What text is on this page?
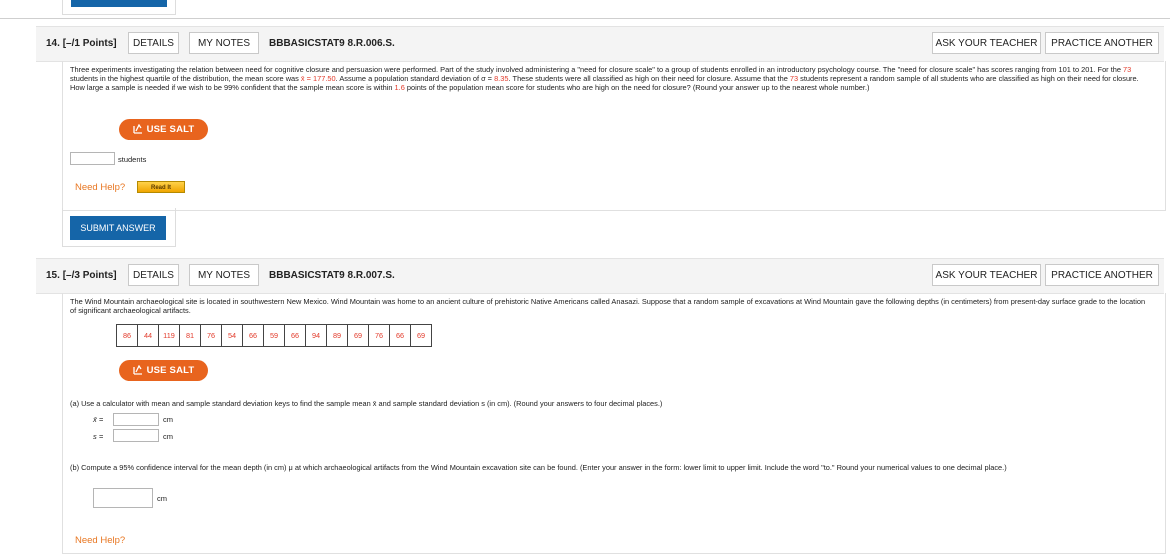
14. [–/1 Points]	DETAILS	MY NOTES	BBBASICSTAT9 8.R.006.S.	ASK YOUR TEACHER	PRACTICE ANOTHER
Three experiments investigating the relation between need for cognitive closure and persuasion were performed. Part of the study involved administering a "need for closure scale" to a group of students enrolled in an introductory psychology course. The "need for closure scale" has scores ranging from 101 to 201. For the 73 students in the highest quartile of the distribution, the mean score was x̄ = 177.50. Assume a population standard deviation of σ = 8.35. These students were all classified as high on their need for closure. Assume that the 73 students represent a random sample of all students who are classified as high on their need for closure. How large a sample is needed if we wish to be 99% confident that the sample mean score is within 1.6 points of the population mean score for students who are high on the need for closure? (Round your answer up to the nearest whole number.)
USE SALT
students
Need Help?	Read It
SUBMIT ANSWER
15. [–/3 Points]	DETAILS	MY NOTES	BBBASICSTAT9 8.R.007.S.	ASK YOUR TEACHER	PRACTICE ANOTHER
The Wind Mountain archaeological site is located in southwestern New Mexico. Wind Mountain was home to an ancient culture of prehistoric Native Americans called Anasazi. Suppose that a random sample of excavations at Wind Mountain gave the following depths (in centimeters) from present-day surface grade to the location of significant archaeological artifacts.
86	44	119	81	76	54	66	59	66	94	89	69	76	66	69
USE SALT
(a) Use a calculator with mean and sample standard deviation keys to find the sample mean x̄ and sample standard deviation s (in cm). (Round your answers to four decimal places.)
x̄ =	cm
s =	cm
(b) Compute a 95% confidence interval for the mean depth (in cm) μ at which archaeological artifacts from the Wind Mountain excavation site can be found. (Enter your answer in the form: lower limit to upper limit. Include the word "to." Round your numerical values to one decimal place.)
cm
Need Help?
